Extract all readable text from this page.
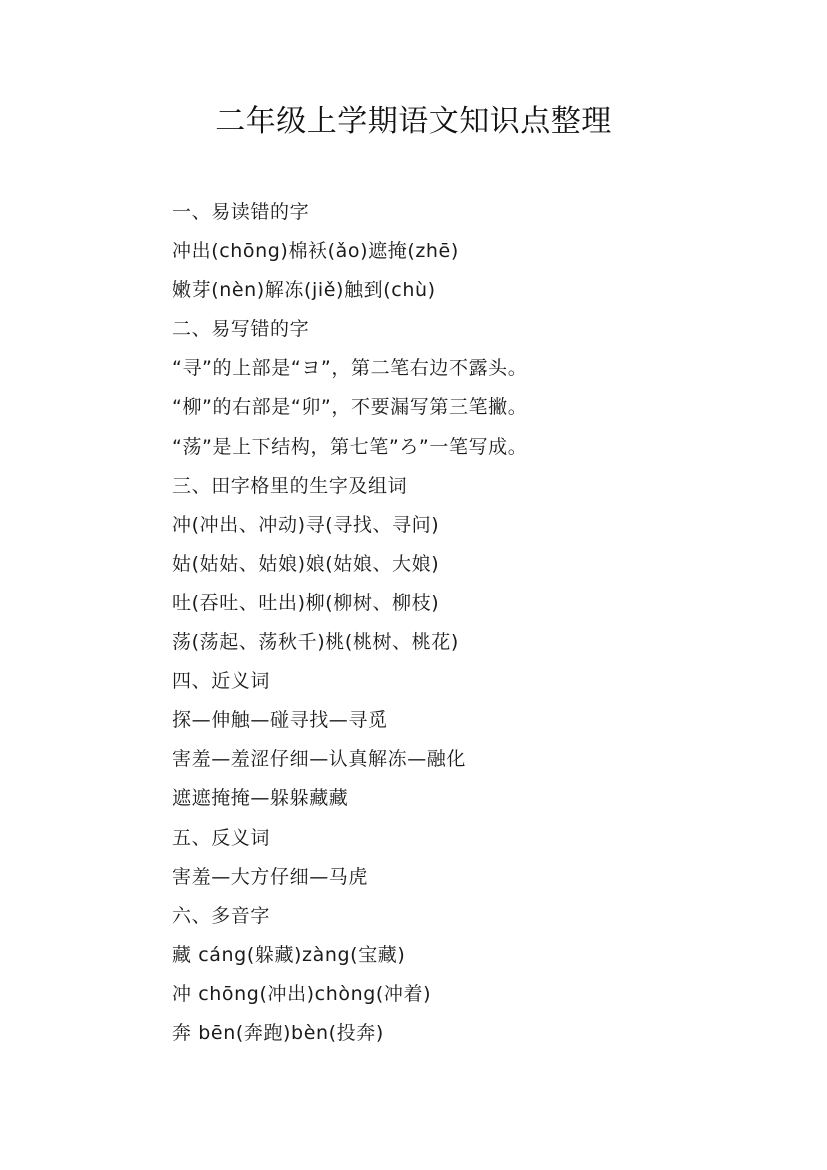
二年级上学期语文知识点整理
一、易读错的字
冲出(chōng)棉袄(ǎo)遮掩(zhē)
嫩芽(nèn)解冻(jiě)触到(chù)
二、易写错的字
“寻”的上部是“ヨ”，第二笔右边不露头。
“柳”的右部是“卯”，不要漏写第三笔撇。
“荡”是上下结构，第七笔”ろ”一笔写成。
三、田字格里的生字及组词
冲(冲出、冲动)寻(寻找、寻问)
姑(姑姑、姑娘)娘(姑娘、大娘)
吐(吞吐、吐出)柳(柳树、柳枝)
荡(荡起、荡秋千)桃(桃树、桃花)
四、近义词
探—伸触—碰寻找—寻觅
害羞—羞涩仔细—认真解冻—融化
遮遮掩掩—躲躲藏藏
五、反义词
害羞—大方仔细—马虎
六、多音字
藏 cáng(躲藏)zàng(宝藏)
冲 chōng(冲出)chòng(冲着)
奔 bēn(奔跑)bèn(投奔)
